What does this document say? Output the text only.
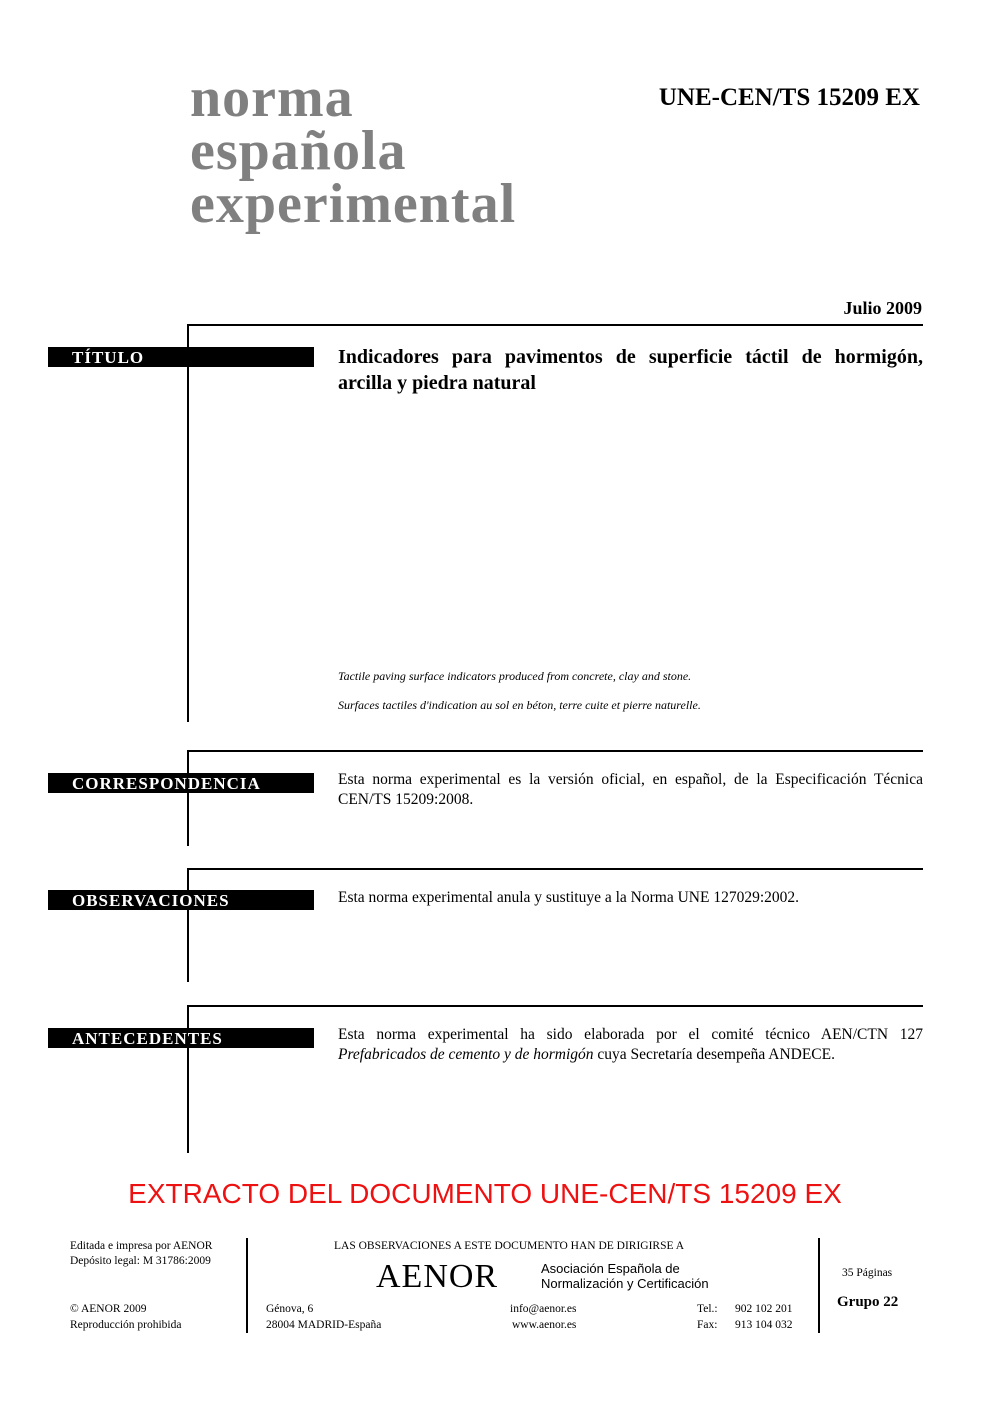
norma
española
experimental
UNE-CEN/TS 15209 EX
Julio 2009
TÍTULO	Indicadores para pavimentos de superficie táctil de hormigón, arcilla y piedra natural
Tactile paving surface indicators produced from concrete, clay and stone.
Surfaces tactiles d'indication au sol en béton, terre cuite et pierre naturelle.
CORRESPONDENCIA	Esta norma experimental es la versión oficial, en español, de la Especificación Técnica CEN/TS 15209:2008.
OBSERVACIONES	Esta norma experimental anula y sustituye a la Norma UNE 127029:2002.
ANTECEDENTES	Esta norma experimental ha sido elaborada por el comité técnico AEN/CTN 127 Prefabricados de cemento y de hormigón cuya Secretaría desempeña ANDECE.
EXTRACTO DEL DOCUMENTO UNE-CEN/TS 15209 EX
Editada e impresa por AENOR
Depósito legal: M 31786:2009
© AENOR 2009
Reproducción prohibida
LAS OBSERVACIONES A ESTE DOCUMENTO HAN DE DIRIGIRSE A
AENOR	Asociación Española de
Normalización y Certificación
Génova, 6
28004 MADRID-España
info@aenor.es
www.aenor.es
Tel.: 902 102 201
Fax: 913 104 032
35 Páginas
Grupo 22
